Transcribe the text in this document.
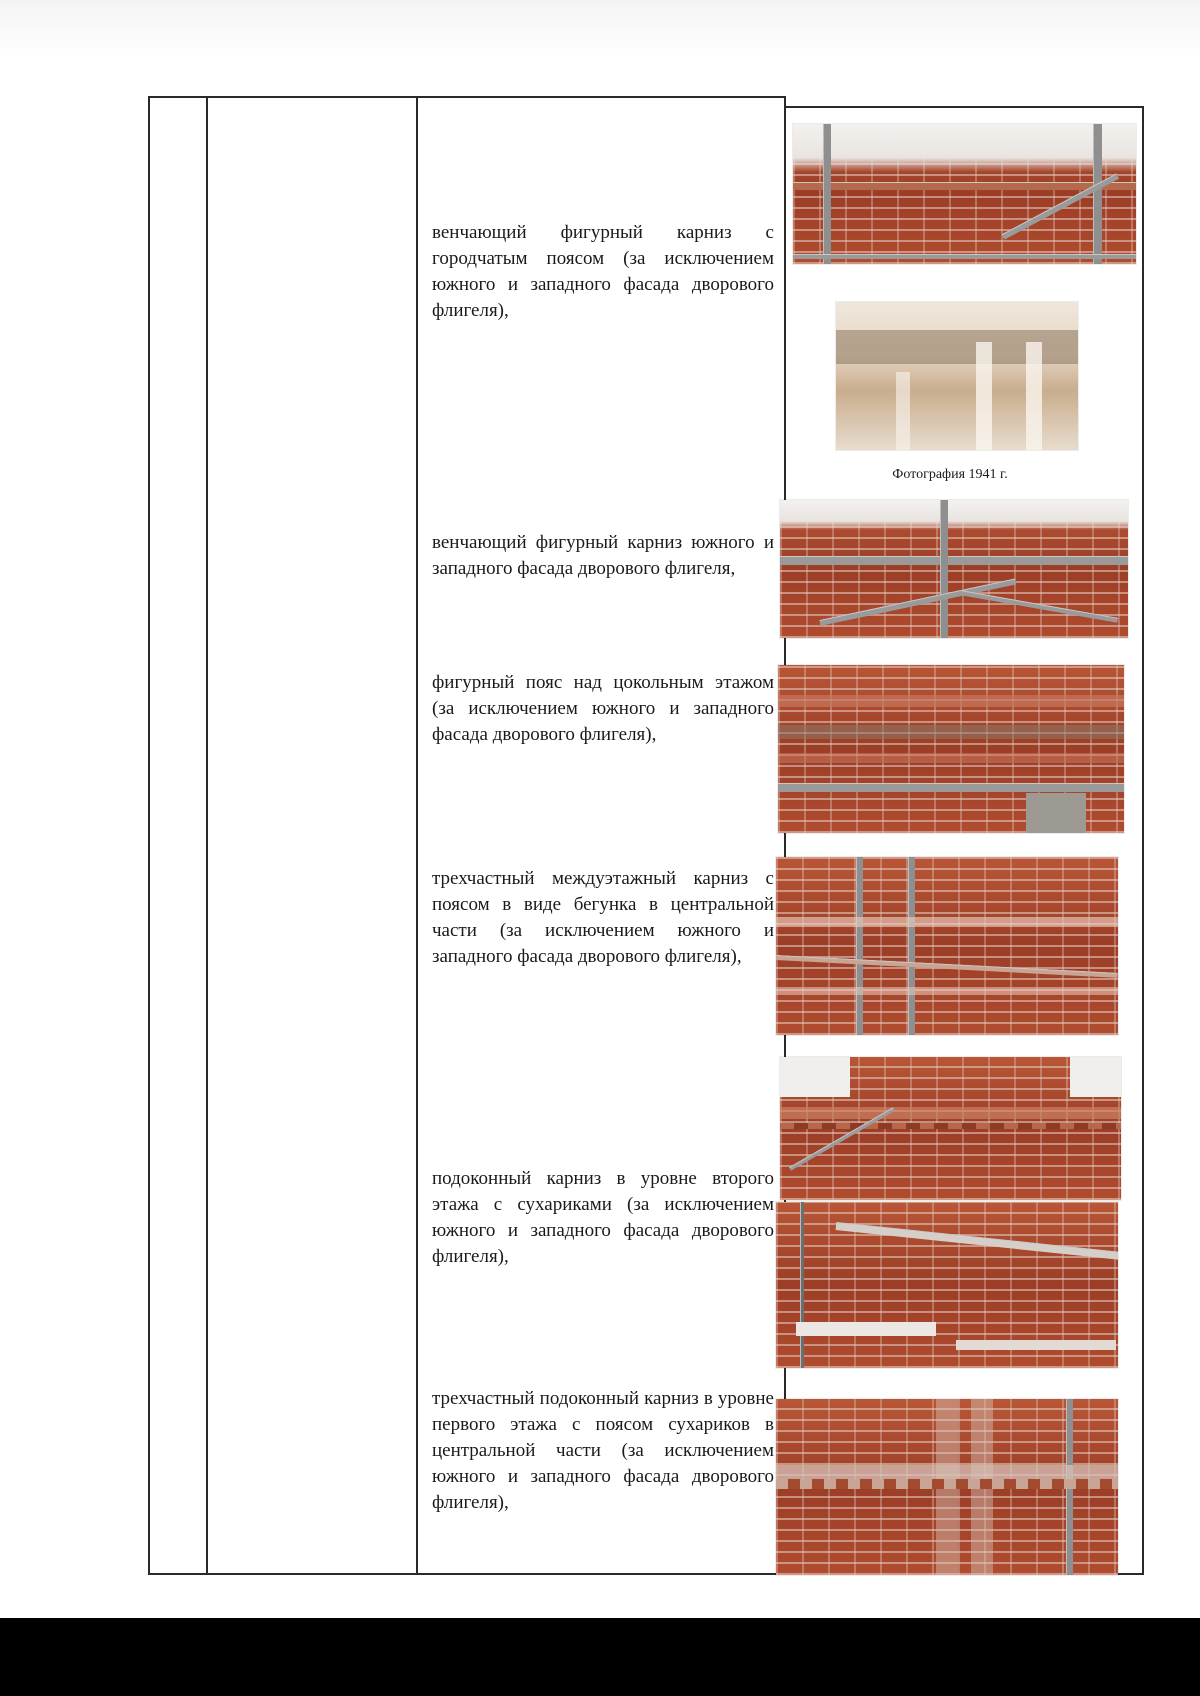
венчающий фигурный карниз с городчатым поясом (за исключением южного и западного фасада дворового флигеля),

венчающий фигурный карниз южного и западного фасада дворового флигеля,

фигурный пояс над цокольным этажом (за исключением южного и западного фасада дворового флигеля),

трехчастный междуэтажный карниз с поясом в виде бегунка в центральной части (за исключением южного и западного фасада дворового флигеля),

подоконный карниз в уровне второго этажа с сухариками (за исключением южного и западного фасада дворового флигеля),

трехчастный подоконный карниз в уровне первого этажа с поясом сухариков в центральной части (за исключением южного и западного фасада дворового флигеля),

Фотография 1941 г.
